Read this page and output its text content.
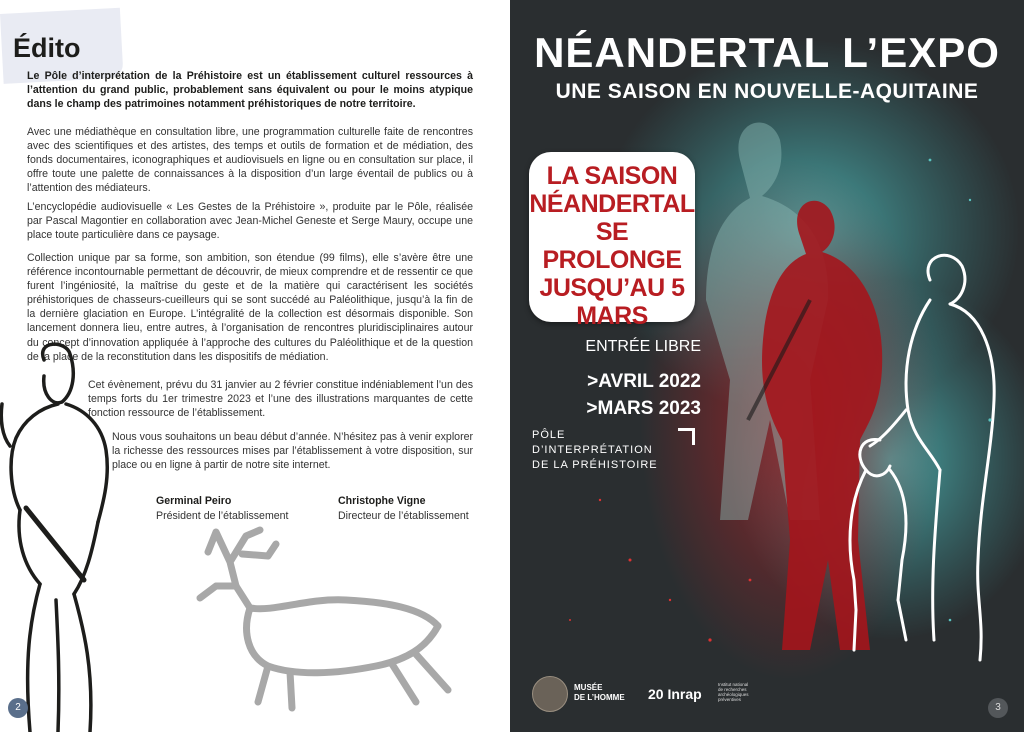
Édito

Le Pôle d’interprétation de la Préhistoire est un établissement culturel ressources à l’attention du grand public, probablement sans équivalent ou pour le moins atypique dans le champ des patrimoines notamment préhistoriques de notre territoire.

Avec une médiathèque en consultation libre, une programmation culturelle faite de rencontres avec des scientifiques et des artistes, des temps et outils de formation et de médiation, des fonds documentaires, iconographiques et audiovisuels en ligne ou en consultation sur place, il offre toute une palette de connaissances à la disposition d’un large éventail de publics ou à l’attention des médiateurs.

L’encyclopédie audiovisuelle « Les Gestes de la Préhistoire », produite par le Pôle, réalisée par Pascal Magontier en collaboration avec Jean-Michel Geneste et Serge Maury, occupe une place toute particulière dans ce paysage.

Collection unique par sa forme, son ambition, son étendue (99 films), elle s’avère être une référence incontournable permettant de découvrir, de mieux comprendre et de ressentir ce que furent l’ingéniosité, la maîtrise du geste et de la matière qui caractérisent les sociétés préhistoriques de chasseurs-cueilleurs qui se sont succédé au Paléolithique, jusqu’à la fin de la dernière glaciation en Europe. L’intégralité de la collection est désormais disponible. Son lancement donnera lieu, entre autres, à l’organisation de rencontres pluridisciplinaires autour du concept d’innovation appliquée à l’approche des cultures du Paléolithique et de la question de la place de la reconstitution dans les dispositifs de médiation.

Cet évènement, prévu du 31 janvier au 2 février constitue indéniablement l’un des temps forts du 1er trimestre 2023 et l’une des illustrations marquantes de cette fonction ressource de l’établissement.

Nous vous souhaitons un beau début d’année. N’hésitez pas à venir explorer la richesse des ressources mises par l’établissement à votre disposition, sur place ou en ligne à partir de notre site internet.

Germinal Peiro
Président de l’établissement
Christophe Vigne
Directeur de l’établissement
2
NÉANDERTAL L’EXPO
UNE SAISON EN NOUVELLE-AQUITAINE

LA SAISON NÉANDERTAL SE PROLONGE JUSQU’AU 5 MARS

ENTRÉE LIBRE
>AVRIL 2022
>MARS 2023
PÔLE
D’INTERPRÉTATION
DE LA PRÉHISTOIRE
MUSÉE
DE L’HOMME 20 Inrap
Institut national
de recherches
archéologiques
préventives
3
